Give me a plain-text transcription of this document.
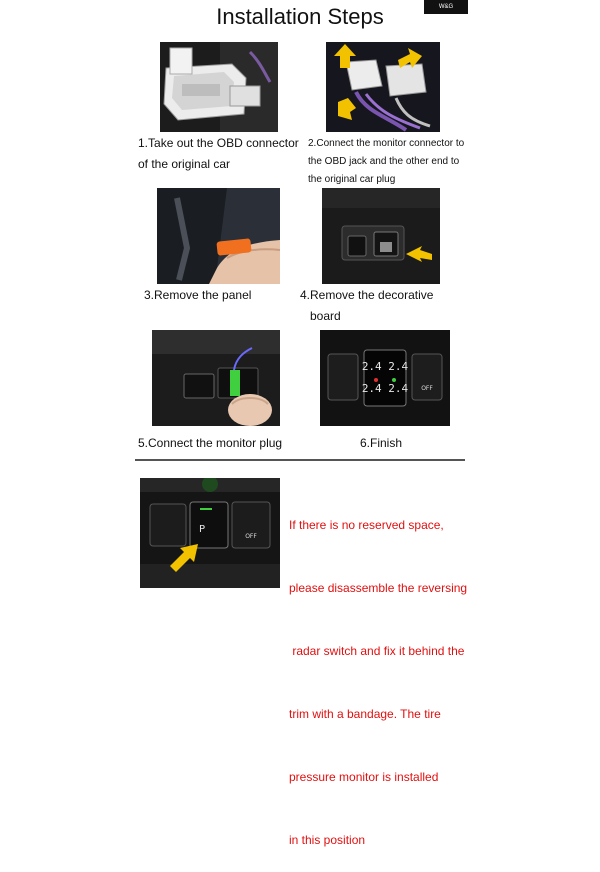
Installation Steps	W&G
1.Take out the OBD connector
of the original car
2.Connect the monitor connector to
the OBD jack and the other end to
the original car plug
3.Remove the panel	4.Remove the decorative
board
2.4 2.4
2.4 2.4 OFF
5.Connect the monitor plug	6.Finish
P
OFF

If there is no reserved space,

please disassemble the reversing

radar switch and fix it behind the

trim with a bandage. The tire

pressure monitor is installed

in this position
